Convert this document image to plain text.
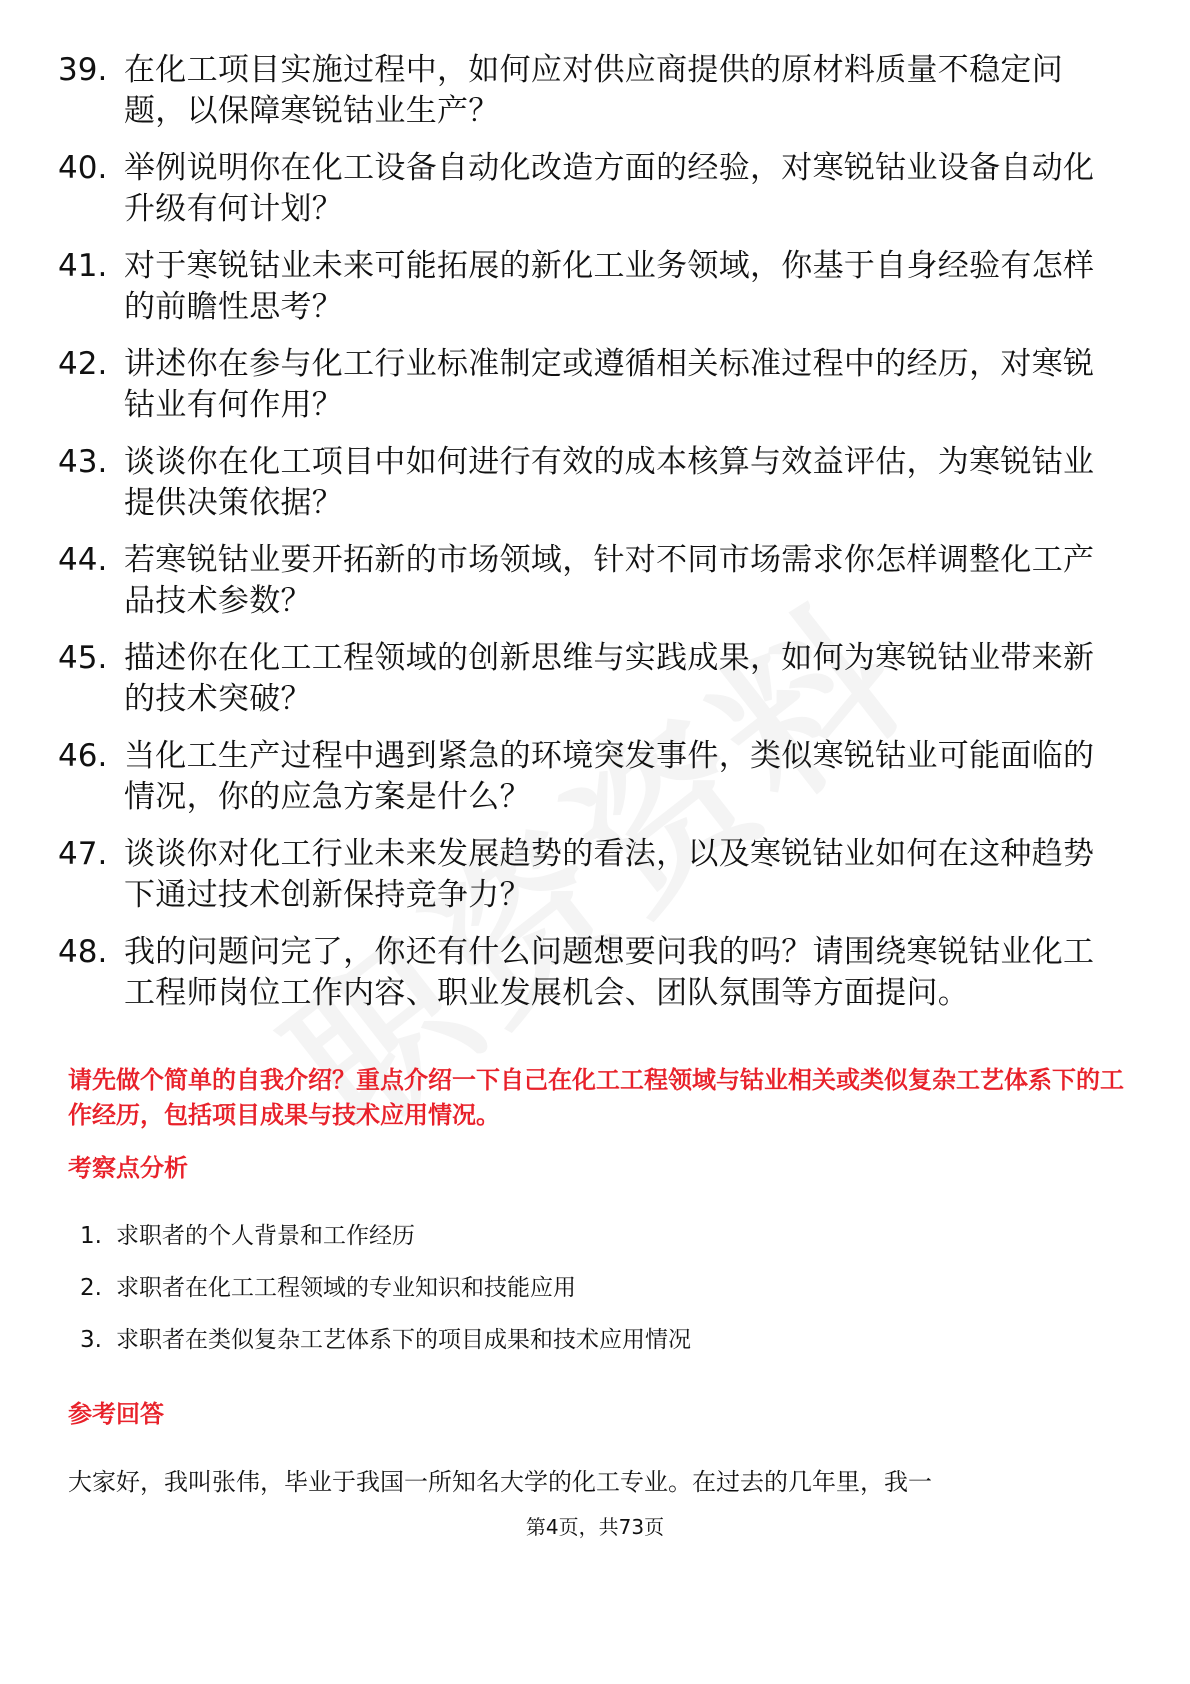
39. 在化工项目实施过程中，如何应对供应商提供的原材料质量不稳定问题，以保障寒锐钴业生产？
40. 举例说明你在化工设备自动化改造方面的经验，对寒锐钴业设备自动化升级有何计划？
41. 对于寒锐钴业未来可能拓展的新化工业务领域，你基于自身经验有怎样的前瞻性思考？
42. 讲述你在参与化工行业标准制定或遵循相关标准过程中的经历，对寒锐钴业有何作用？
43. 谈谈你在化工项目中如何进行有效的成本核算与效益评估，为寒锐钴业提供决策依据？
44. 若寒锐钴业要开拓新的市场领域，针对不同市场需求你怎样调整化工产品技术参数？
45. 描述你在化工工程领域的创新思维与实践成果，如何为寒锐钴业带来新的技术突破？
46. 当化工生产过程中遇到紧急的环境突发事件，类似寒锐钴业可能面临的情况，你的应急方案是什么？
47. 谈谈你对化工行业未来发展趋势的看法，以及寒锐钴业如何在这种趋势下通过技术创新保持竞争力？
48. 我的问题问完了，你还有什么问题想要问我的吗？请围绕寒锐钴业化工工程师岗位工作内容、职业发展机会、团队氛围等方面提问。

请先做个简单的自我介绍？重点介绍一下自己在化工工程领域与钴业相关或类似复杂工艺体系下的工作经历，包括项目成果与技术应用情况。

考察点分析
1. 求职者的个人背景和工作经历
2. 求职者在化工工程领域的专业知识和技能应用
3. 求职者在类似复杂工艺体系下的项目成果和技术应用情况
参考回答

大家好，我叫张伟，毕业于我国一所知名大学的化工专业。在过去的几年里，我一

第4页，共73页
